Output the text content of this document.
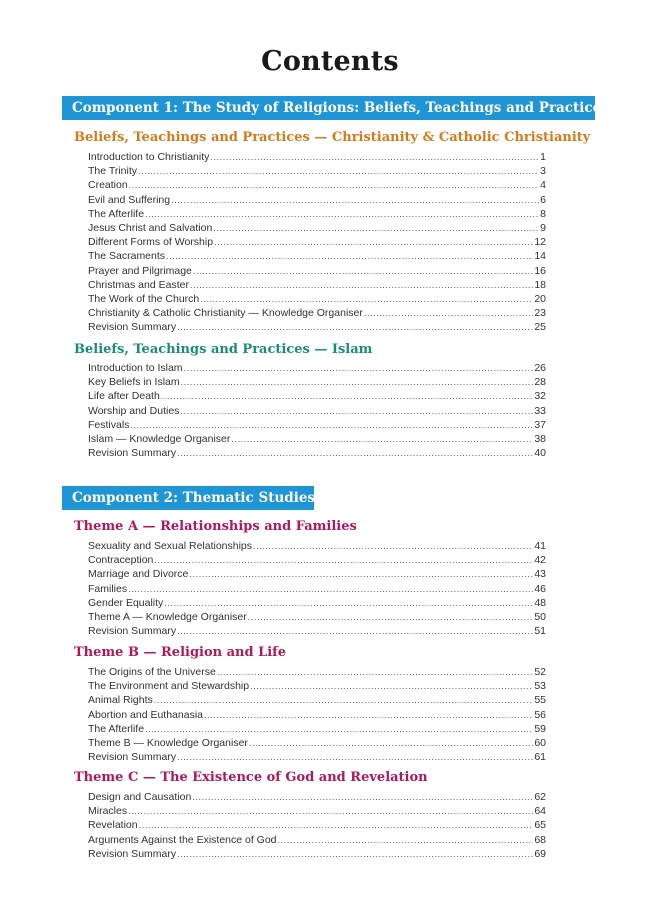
Contents
Component 1: The Study of Religions: Beliefs, Teachings and Practices
Beliefs, Teachings and Practices — Christianity & Catholic Christianity
Introduction to Christianity .....	1
The Trinity .....	3
Creation .....	4
Evil and Suffering .....	6
The Afterlife .....	8
Jesus Christ and Salvation .....	9
Different Forms of Worship .....	12
The Sacraments .....	14
Prayer and Pilgrimage .....	16
Christmas and Easter .....	18
The Work of the Church .....	20
Christianity & Catholic Christianity — Knowledge Organiser .....	23
Revision Summary .....	25
Beliefs, Teachings and Practices — Islam
Introduction to Islam .....	26
Key Beliefs in Islam .....	28
Life after Death .....	32
Worship and Duties .....	33
Festivals .....	37
Islam — Knowledge Organiser .....	38
Revision Summary .....	40
Component 2: Thematic Studies
Theme A — Relationships and Families
Sexuality and Sexual Relationships .....	41
Contraception .....	42
Marriage and Divorce .....	43
Families .....	46
Gender Equality .....	48
Theme A — Knowledge Organiser .....	50
Revision Summary .....	51
Theme B — Religion and Life
The Origins of the Universe .....	52
The Environment and Stewardship .....	53
Animal Rights .....	55
Abortion and Euthanasia .....	56
The Afterlife .....	59
Theme B — Knowledge Organiser .....	60
Revision Summary .....	61
Theme C — The Existence of God and Revelation
Design and Causation .....	62
Miracles .....	64
Revelation .....	65
Arguments Against the Existence of God .....	68
Revision Summary .....	69
